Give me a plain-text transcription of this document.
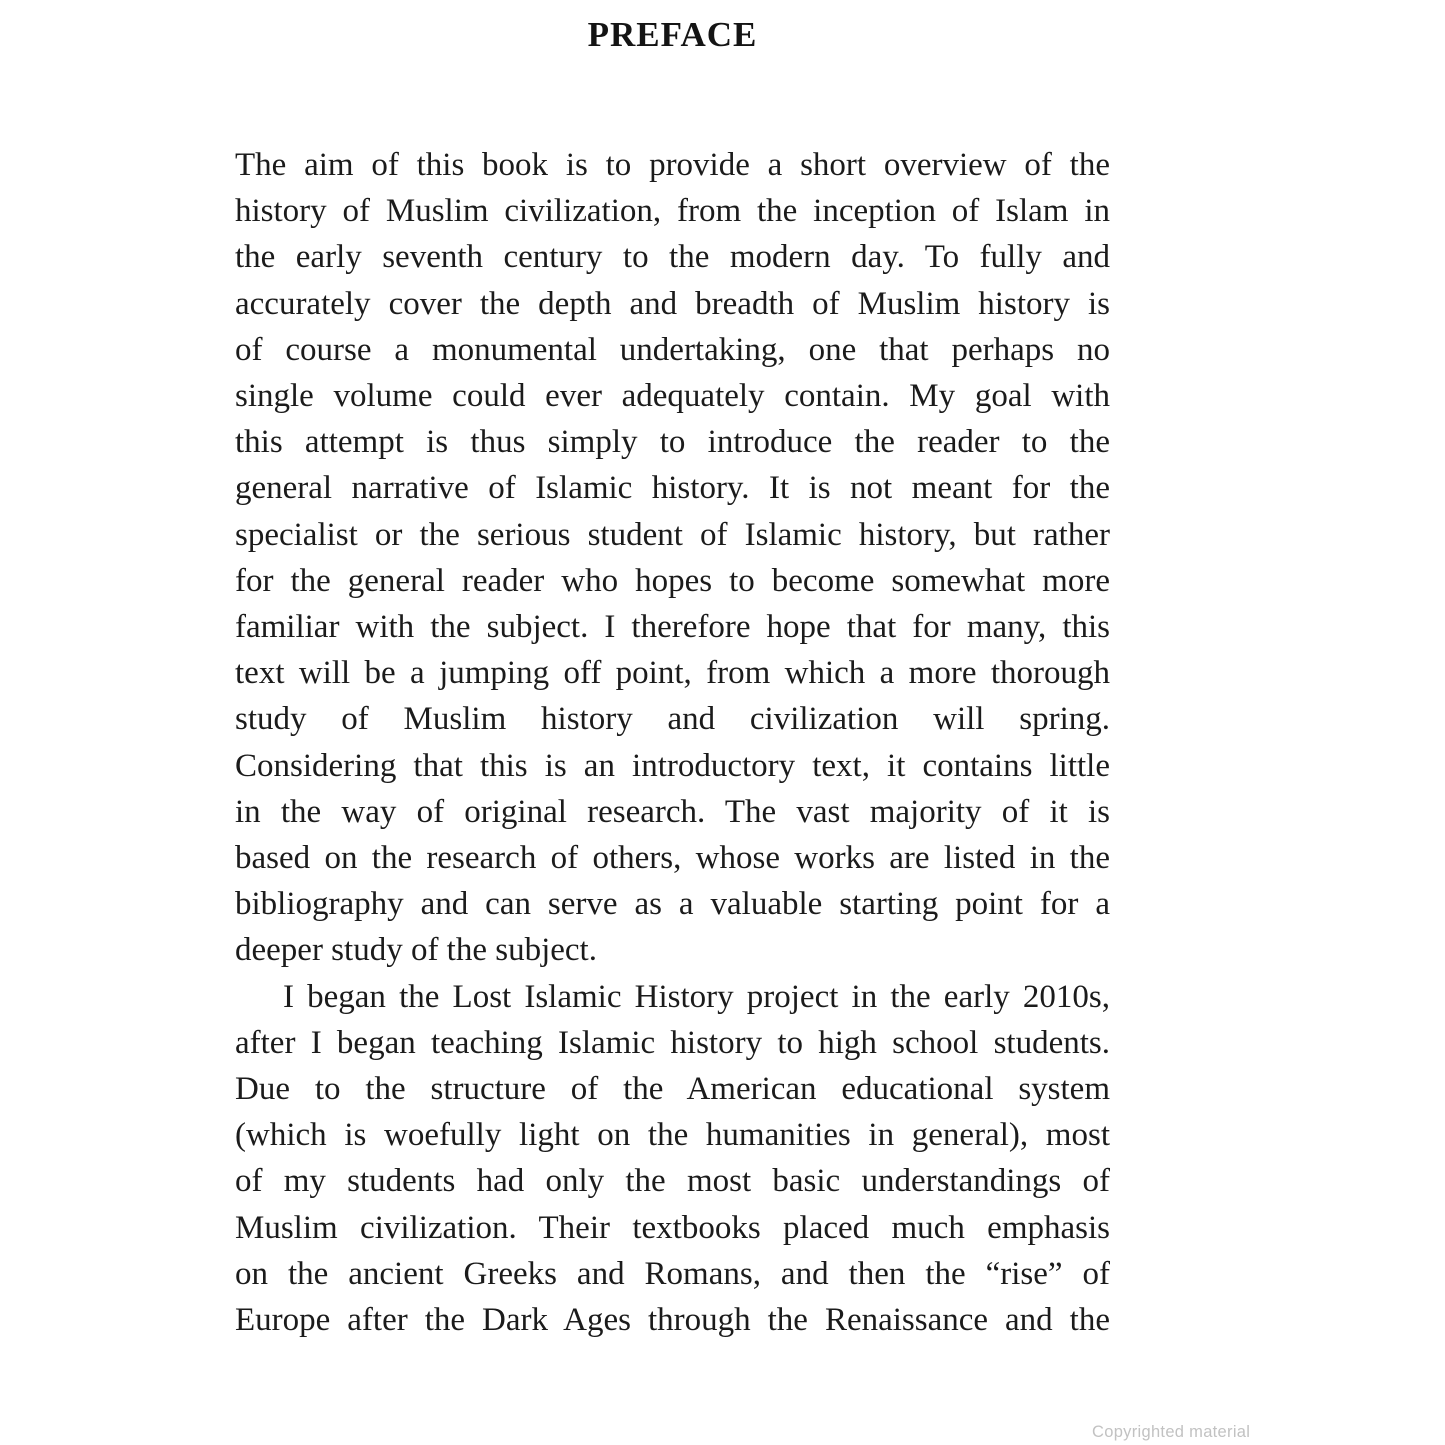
PREFACE
The aim of this book is to provide a short overview of the
history of Muslim civilization, from the inception of Islam in
the early seventh century to the modern day. To fully and
accurately cover the depth and breadth of Muslim history is
of course a monumental undertaking, one that perhaps no
single volume could ever adequately contain. My goal with
this attempt is thus simply to introduce the reader to the
general narrative of Islamic history. It is not meant for the
specialist or the serious student of Islamic history, but rather
for the general reader who hopes to become somewhat more
familiar with the subject. I therefore hope that for many, this
text will be a jumping off point, from which a more thorough
study of Muslim history and civilization will spring.
Considering that this is an introductory text, it contains little
in the way of original research. The vast majority of it is
based on the research of others, whose works are listed in the
bibliography and can serve as a valuable starting point for a
deeper study of the subject.
I began the Lost Islamic History project in the early 2010s,
after I began teaching Islamic history to high school students.
Due to the structure of the American educational system
(which is woefully light on the humanities in general), most
of my students had only the most basic understandings of
Muslim civilization. Their textbooks placed much emphasis
on the ancient Greeks and Romans, and then the “rise” of
Europe after the Dark Ages through the Renaissance and the
Copyrighted material
